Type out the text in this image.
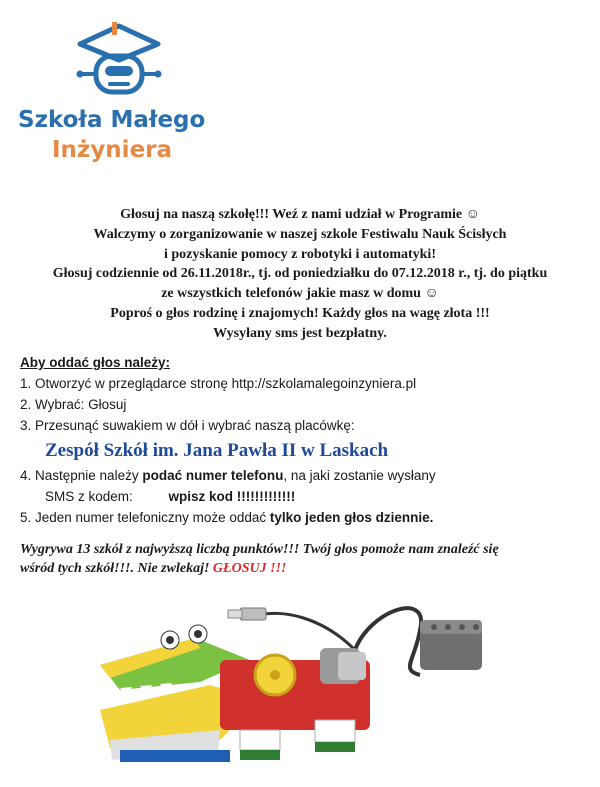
Szkoła Małego
Inżyniera
Głosuj na naszą szkołę!!! Weź z nami udział w Programie ☺
Walczymy o zorganizowanie w naszej szkole Festiwalu Nauk Ścisłych
i pozyskanie pomocy z robotyki i automatyki!
Głosuj codziennie od 26.11.2018r., tj. od poniedziałku do 07.12.2018 r., tj. do piątku
ze wszystkich telefonów jakie masz w domu ☺
Poproś o głos rodzinę i znajomych! Każdy głos na wagę złota !!!
Wysyłany sms jest bezpłatny.
Aby oddać głos należy:
1. Otworzyć w przeglądarce stronę http://szkolamalegoinzyniera.pl
2. Wybrać: Głosuj
3. Przesunąć suwakiem w dół i wybrać naszą placówkę:
Zespół Szkół im. Jana Pawła II w Laskach
4. Następnie należy podać numer telefonu, na jaki zostanie wysłany
SMS z kodem:	wpisz kod !!!!!!!!!!!!!
5. Jeden numer telefoniczny może oddać tylko jeden głos dziennie.
Wygrywa 13 szkół z najwyższą liczbą punktów!!! Twój głos pomoże nam znaleźć się
wśród tych szkół!!!. Nie zwlekaj! GŁOSUJ !!!
